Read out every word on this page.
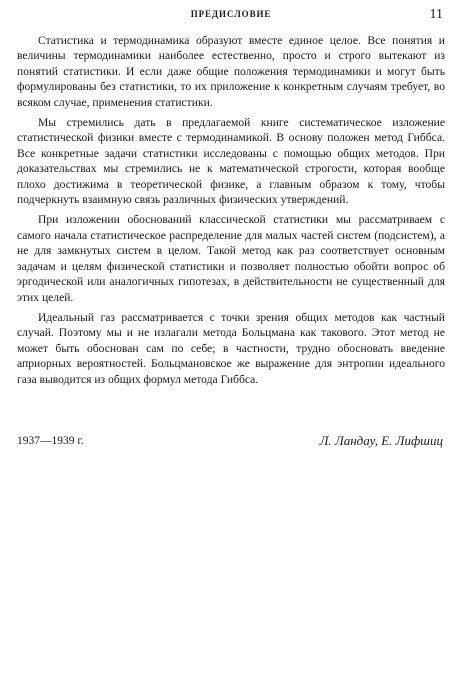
ПРЕДИСЛОВИЕ	11

Статистика и термодинамика образуют вместе единое целое. Все понятия и величины термодинамики наиболее естественно, просто и строго вытекают из понятий статистики. И если даже общие положения термодинамики и могут быть формулированы без статистики, то их приложение к конкретным случаям требует, во всяком случае, применения статистики.

Мы стремились дать в предлагаемой книге систематическое изложение статистической физики вместе с термодинамикой. В основу положен метод Гиббса. Все конкретные задачи статистики исследованы с помощью общих методов. При доказательствах мы стремились не к математической строгости, которая вообще плохо достижима в теоретической физике, а главным образом к тому, чтобы подчеркнуть взаимную связь различных физических утверждений.

При изложении обоснований классической статистики мы рассматриваем с самого начала статистическое распределение для малых частей систем (подсистем), а не для замкнутых систем в целом. Такой метод как раз соответствует основным задачам и целям физической статистики и позволяет полностью обойти вопрос об эргодической или аналогичных гипотезах, в действительности не существенный для этих целей.

Идеальный газ рассматривается с точки зрения общих методов как частный случай. Поэтому мы и не излагали метода Больцмана как такового. Этот метод не может быть обоснован сам по себе; в частности, трудно обосновать введение априорных вероятностей. Больцмановское же выражение для энтропии идеального газа выводится из общих формул метода Гиббса.

1937—1939 г.	Л. Ландау, Е. Лифшиц
